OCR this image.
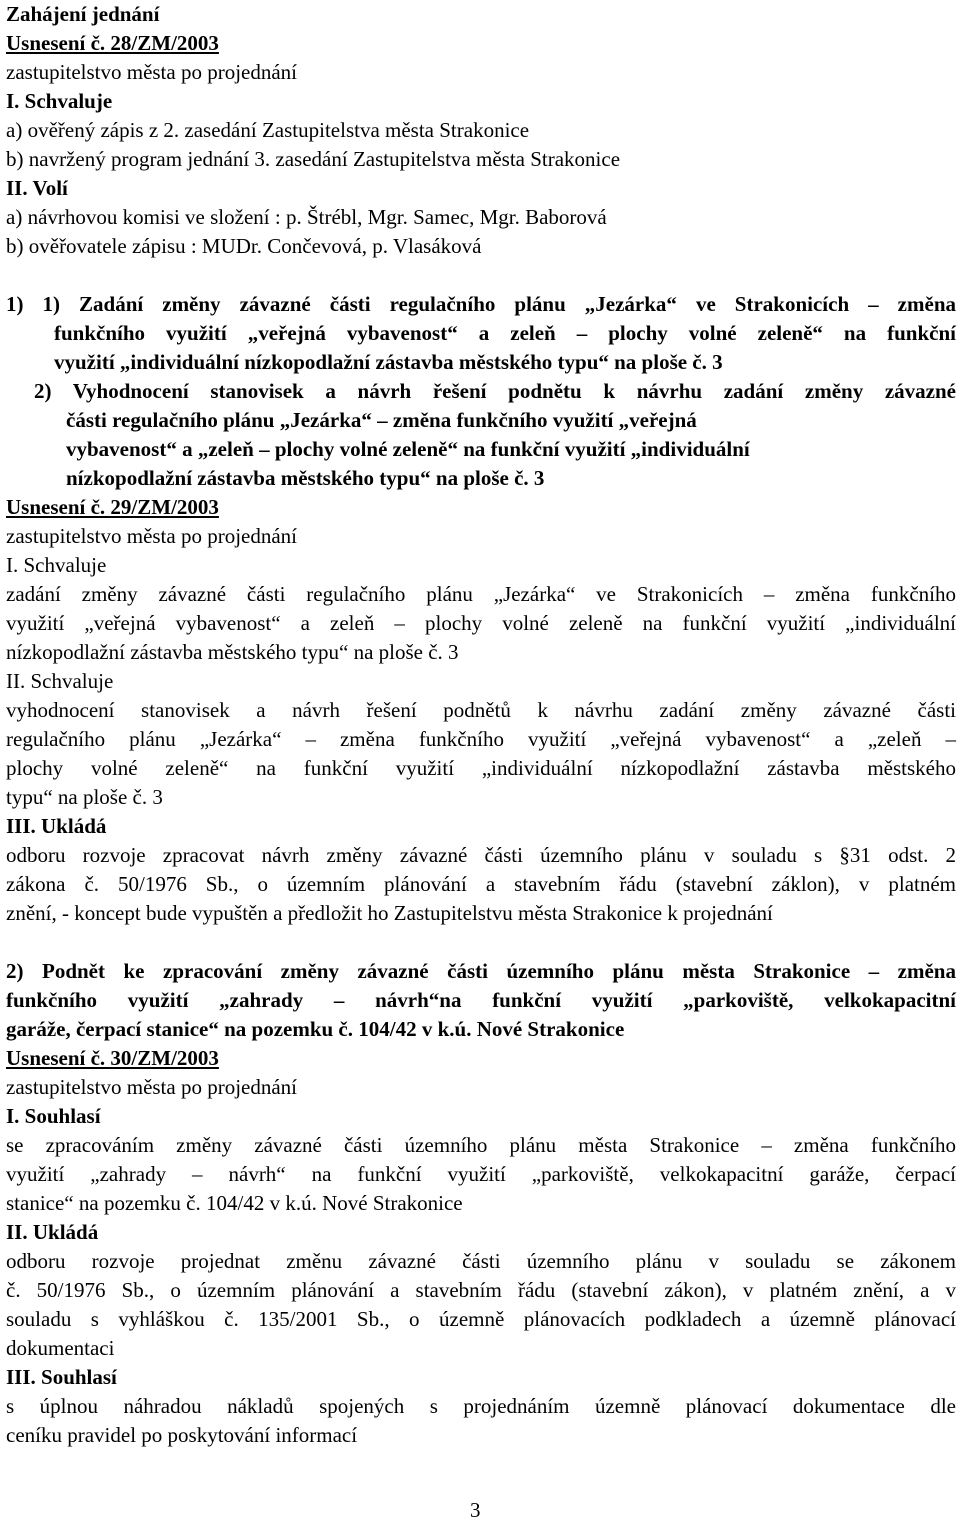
Zahájení jednání
Usnesení č. 28/ZM/2003
zastupitelstvo města po projednání
I. Schvaluje
a) ověřený zápis z 2. zasedání Zastupitelstva města Strakonice
b) navržený program jednání 3. zasedání Zastupitelstva města Strakonice
II. Volí
a) návrhovou komisi ve složení : p. Štrébl, Mgr. Samec, Mgr. Baborová
b) ověřovatele zápisu : MUDr. Cončevová, p. Vlasáková
1) 1) Zadání změny závazné části regulačního plánu „Jezárka“ ve Strakonicích – změna
funkčního využití „veřejná vybavenost“ a zeleň – plochy volné zeleně“ na funkční
využití „individuální nízkopodlažní zástavba městského typu“ na ploše č. 3
2) Vyhodnocení stanovisek a návrh řešení podnětu k návrhu zadání změny závazné
části regulačního plánu „Jezárka“ – změna funkčního využití „veřejná
vybavenost“ a „zeleň – plochy volné zeleně“ na funkční využití „individuální
nízkopodlažní zástavba městského typu“ na ploše č. 3
Usnesení č. 29/ZM/2003
zastupitelstvo města po projednání
I. Schvaluje
zadání změny závazné části regulačního plánu „Jezárka“ ve Strakonicích – změna funkčního
využití „veřejná vybavenost“ a zeleň – plochy volné zeleně na funkční využití „individuální
nízkopodlažní zástavba městského typu“ na ploše č. 3
II. Schvaluje
vyhodnocení stanovisek a návrh řešení podnětů k návrhu zadání změny závazné části
regulačního plánu „Jezárka“ – změna funkčního využití „veřejná vybavenost“ a „zeleň –
plochy volné zeleně“ na funkční využití „individuální nízkopodlažní zástavba městského
typu“ na ploše č. 3
III. Ukládá
odboru rozvoje zpracovat návrh změny závazné části územního plánu v souladu s §31 odst. 2
zákona č. 50/1976 Sb., o územním plánování a stavebním řádu (stavební záklon), v platném
znění, - koncept bude vypuštěn a předložit ho Zastupitelstvu města Strakonice k projednání
2) Podnět ke zpracování změny závazné části územního plánu města Strakonice – změna
funkčního využití „zahrady – návrh“na funkční využití „parkoviště, velkokapacitní
garáže, čerpací stanice“ na pozemku č. 104/42 v k.ú. Nové Strakonice
Usnesení č. 30/ZM/2003
zastupitelstvo města po projednání
I. Souhlasí
se zpracováním změny závazné části územního plánu města Strakonice – změna funkčního
využití „zahrady – návrh“ na funkční využití „parkoviště, velkokapacitní garáže, čerpací
stanice“ na pozemku č. 104/42 v k.ú. Nové Strakonice
II. Ukládá
odboru rozvoje projednat změnu závazné části územního plánu v souladu se zákonem
č. 50/1976 Sb., o územním plánování a stavebním řádu (stavební zákon), v platném znění, a v
souladu s vyhláškou č. 135/2001 Sb., o územně plánovacích podkladech a územně plánovací
dokumentaci
III. Souhlasí
s úplnou náhradou nákladů spojených s projednáním územně plánovací dokumentace dle
ceníku pravidel po poskytování informací
3
